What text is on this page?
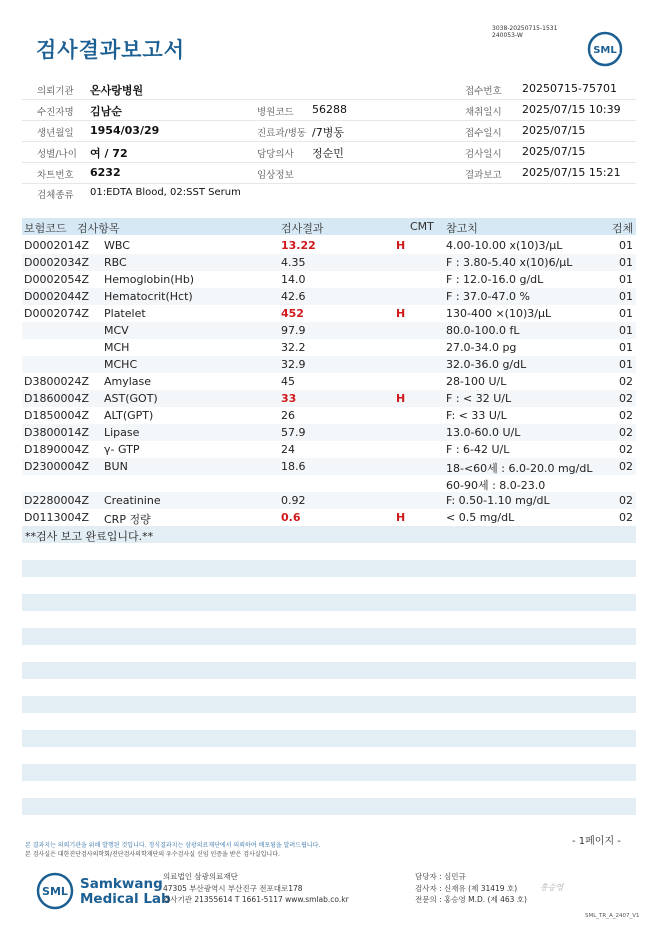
검사결과보고서
3038-20250715-1531
240053-W
SML
의뢰기관 온사랑병원	접수번호 20250715-75701
수진자명 김남순	병원코드 56288	채취일시 2025/07/15 10:39
생년월일 1954/03/29	진료과/병동 /7병동	접수일시 2025/07/15
성별/나이 여 / 72	담당의사 정순민	검사일시 2025/07/15
차트번호 6232	임상정보	결과보고 2025/07/15 15:21
검체종류 01:EDTA Blood, 02:SST Serum
보험코드 검사항목	검사결과	CMT 참고치	검체
D0002014Z WBC	13.22	H	4.00-10.00 x(10)3/μL	01
D0002034Z RBC	4.35	F : 3.80-5.40 x(10)6/μL	01
D0002054Z Hemoglobin(Hb)	14.0	F : 12.0-16.0 g/dL	01
D0002044Z Hematocrit(Hct)	42.6	F : 37.0-47.0 %	01
D0002074Z Platelet	452	H	130-400 ×(10)3/μL	01
MCV	97.9	80.0-100.0 fL	01
MCH	32.2	27.0-34.0 pg	01
MCHC	32.9	32.0-36.0 g/dL	01
D3800024Z Amylase	45	28-100 U/L	02
D1860004Z AST(GOT)	33	H	F : < 32 U/L	02
D1850004Z ALT(GPT)	26	F: < 33 U/L	02
D3800014Z Lipase	57.9	13.0-60.0 U/L	02
D1890004Z γ- GTP	24	F : 6-42 U/L	02
D2300004Z BUN	18.6	18-<60세 : 6.0-20.0 mg/dL 02
60-90세 : 8.0-23.0
D2280004Z Creatinine	0.92	F: 0.50-1.10 mg/dL	02
D0113004Z CRP 정량	0.6	H	< 0.5 mg/dL	02
**검사 보고 완료입니다.**
- 1페이지 -
본 결과지는 의뢰기관을 위해 발행된 것입니다. 정식결과지는 삼광의료재단에서 의뢰하여 배포됨을 알려드립니다.
본 검사실은 대한진단검사의학회/진단검사의학재단의 우수검사실 신임 인증을 받은 검사실입니다.
SML Samkwang
Medical Lab
의료법인 삼광의료재단
47305 부산광역시 부산진구 전포대로178
검사기관 21355614 T 1661-5117 www.smlab.co.kr
담당자 : 심민규
검사자 : 신재유 (제 31419 호)
전문의 : 홍승영 M.D. (제 463 호)
홍승영
SML_TR_A_2407_V1
